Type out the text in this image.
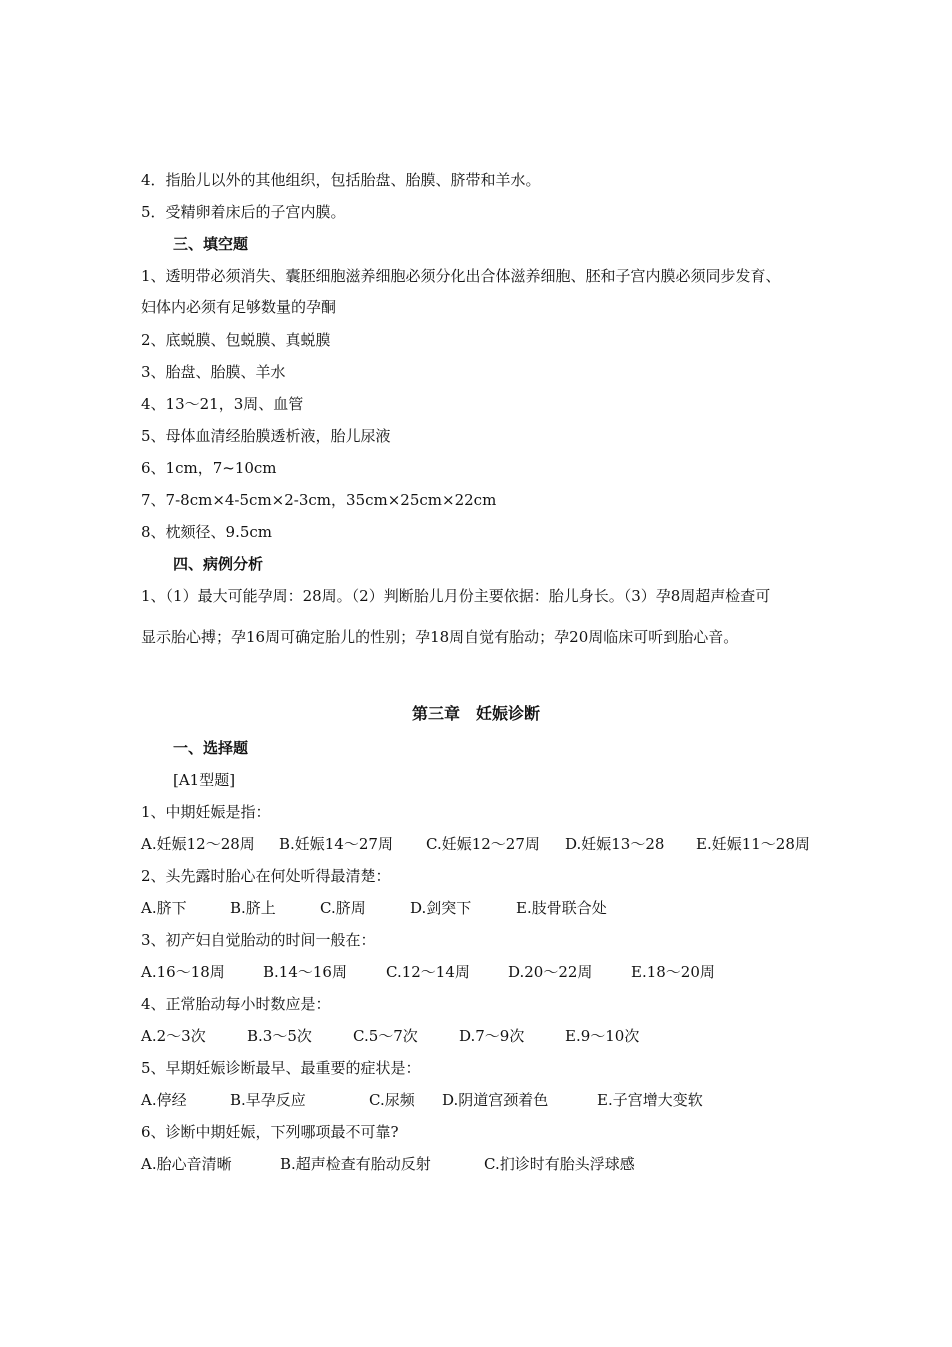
4．指胎儿以外的其他组织，包括胎盘、胎膜、脐带和羊水。
5．受精卵着床后的子宫内膜。
三、填空题
1、透明带必须消失、囊胚细胞滋养细胞必须分化出合体滋养细胞、胚和子宫内膜必须同步发育、
妇体内必须有足够数量的孕酮
2、底蜕膜、包蜕膜、真蜕膜
3、胎盘、胎膜、羊水
4、13～21，3周、血管
5、母体血清经胎膜透析液，胎儿尿液
6、1cm，7~10cm
7、7-8cm×4-5cm×2-3cm，35cm×25cm×22cm
8、枕颏径、9.5cm
四、病例分析
1、（1）最大可能孕周：28周。（2）判断胎儿月份主要依据：胎儿身长。（3）孕8周超声检查可
显示胎心搏；孕16周可确定胎儿的性别；孕18周自觉有胎动；孕20周临床可听到胎心音。
第三章　妊娠诊断
一、选择题
[A1型题]
1、中期妊娠是指：
A.妊娠12～28周 B.妊娠14～27周 C.妊娠12～27周 D.妊娠13～28 E.妊娠11～28周
2、头先露时胎心在何处听得最清楚：
A.脐下	B.脐上	C.脐周	D.剑突下	E.肢骨联合处
3、初产妇自觉胎动的时间一般在：
A.16～18周	B.14～16周	C.12～14周	D.20～22周	E.18～20周
4、正常胎动每小时数应是：
A.2～3次	B.3～5次	C.5～7次	D.7～9次	E.9～10次
5、早期妊娠诊断最早、最重要的症状是：
A.停经	B.早孕反应	C.尿频 D.阴道宫颈着色	E.子宫增大变软
6、诊断中期妊娠，下列哪项最不可靠?
A.胎心音清晰	B.超声检查有胎动反射	C.扪诊时有胎头浮球感
